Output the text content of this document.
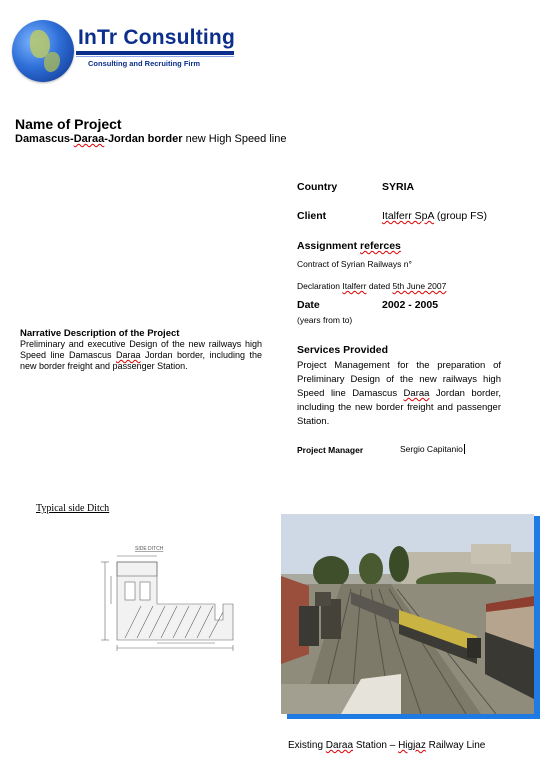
InTr Consulting
Consulting and Recruiting Firm
Name of Project
Damascus-Daraa-Jordan border new High Speed line
Country	SYRIA
Client	Italferr SpA (group FS)
Assignment referces
Contract of Syrian Railways n°
Declaration Italferr dated 5th June 2007
Date	2002 - 2005
(years from to)
Services Provided
Project Management for the preparation of Preliminary Design of the new railways high Speed line Damascus Daraa Jordan border, including the new border freight and passenger Station.
Project Manager	Sergio Capitanio
Narrative Description of the Project
Preliminary and executive Design of the new railways high Speed line Damascus Daraa Jordan border, including the new border freight and passenger Station.
Typical side Ditch
SIDE DITCH
Existing Daraa Station – Higjaz Railway Line
